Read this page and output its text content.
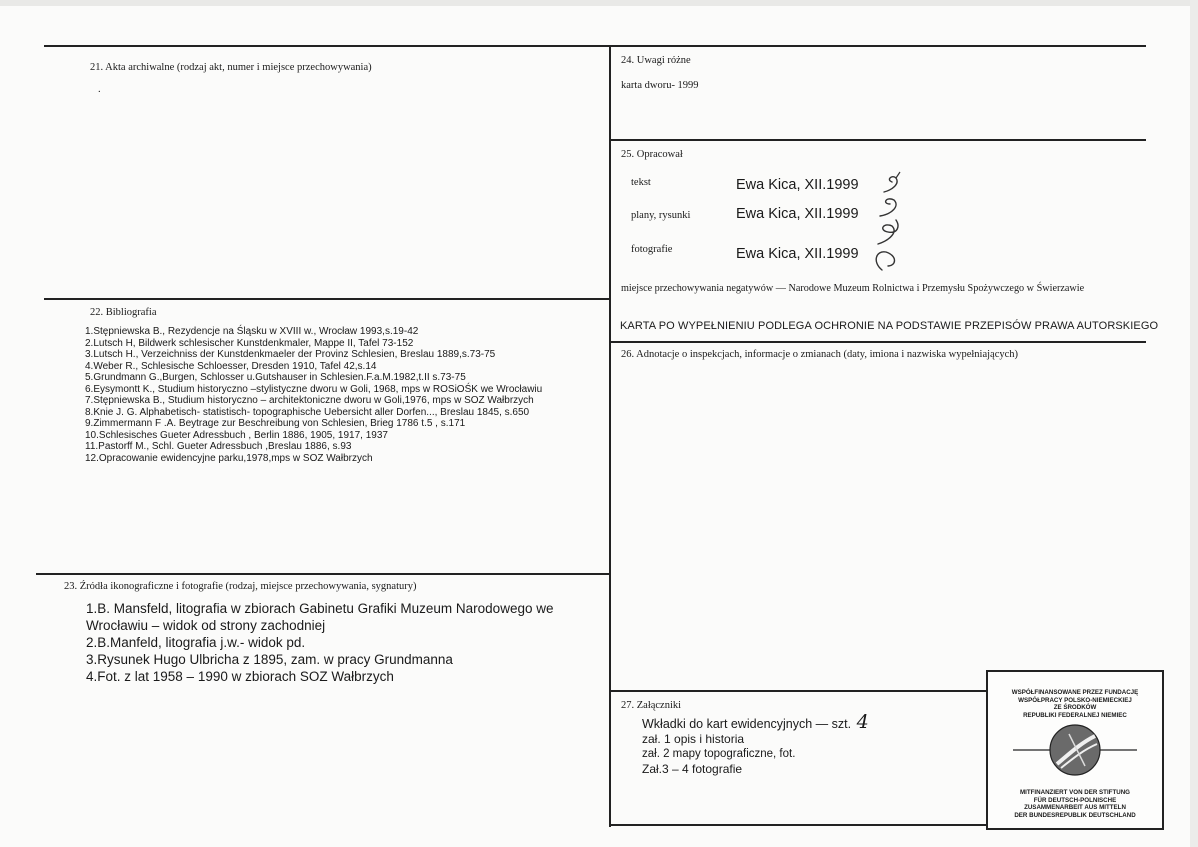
21. Akta archiwalne (rodzaj akt, numer i miejsce przechowywania)
.
24. Uwagi różne
karta dworu- 1999
25. Opracował
tekst	Ewa Kica, XII.1999
plany, rysunki	Ewa Kica, XII.1999
fotografie	Ewa Kica, XII.1999
miejsce przechowywania negatywów — Narodowe Muzeum Rolnictwa i Przemysłu Spożywczego w Świerzawie
KARTA PO WYPEŁNIENIU PODLEGA OCHRONIE NA PODSTAWIE PRZEPISÓW PRAWA AUTORSKIEGO
22. Bibliografia
1.Stępniewska B., Rezydencje na Śląsku w XVIII w., Wrocław 1993,s.19-42
2.Lutsch H, Bildwerk schlesischer Kunstdenkmaler, Mappe II, Tafel 73-152
3.Lutsch H., Verzeichniss der Kunstdenkmaeler der Provinz Schlesien, Breslau 1889,s.73-75
4.Weber R., Schlesische Schloesser, Dresden 1910, Tafel 42,s.14
5.Grundmann G.,Burgen, Schlosser u.Gutshauser in Schlesien.F.a.M.1982,t.II s.73-75
6.Eysymontt K., Studium historyczno –stylistyczne dworu w Goli, 1968, mps w ROSiOŚK we Wrocławiu
7.Stępniewska B., Studium historyczno – architektoniczne dworu w Goli,1976, mps w SOZ Wałbrzych
8.Knie J. G. Alphabetisch- statistisch- topographische Uebersicht aller Dorfen..., Breslau 1845, s.650
9.Zimmermann F .A. Beytrage zur Beschreibung von Schlesien, Brieg 1786 t.5 , s.171
10.Schlesisches Gueter Adressbuch , Berlin 1886, 1905, 1917, 1937
11.Pastorff M., Schl. Gueter Adressbuch ,Breslau 1886, s.93
12.Opracowanie ewidencyjne parku,1978,mps w SOZ Wałbrzych
23. Źródła ikonograficzne i fotografie (rodzaj, miejsce przechowywania, sygnatury)
1.B. Mansfeld, litografia w zbiorach Gabinetu Grafiki Muzeum Narodowego we
Wrocławiu – widok od strony zachodniej
2.B.Manfeld, litografia j.w.- widok pd.
3.Rysunek Hugo Ulbricha z 1895, zam. w pracy Grundmanna
4.Fot. z lat 1958 – 1990 w zbiorach SOZ Wałbrzych
26. Adnotacje o inspekcjach, informacje o zmianach (daty, imiona i nazwiska wypełniających)
27. Załączniki
Wkładki do kart ewidencyjnych — szt. 4
zał. 1 opis i historia
zał. 2 mapy topograficzne, fot.
Zał.3 – 4 fotografie
WSPÓŁFINANSOWANE PRZEZ FUNDACJĘ
WSPÓŁPRACY POLSKO-NIEMIECKIEJ
ZE ŚRODKÓW
REPUBLIKI FEDERALNEJ NIEMIEC
MITFINANZIERT VON DER STIFTUNG
FÜR DEUTSCH-POLNISCHE
ZUSAMMENARBEIT AUS MITTELN
DER BUNDESREPUBLIK DEUTSCHLAND
